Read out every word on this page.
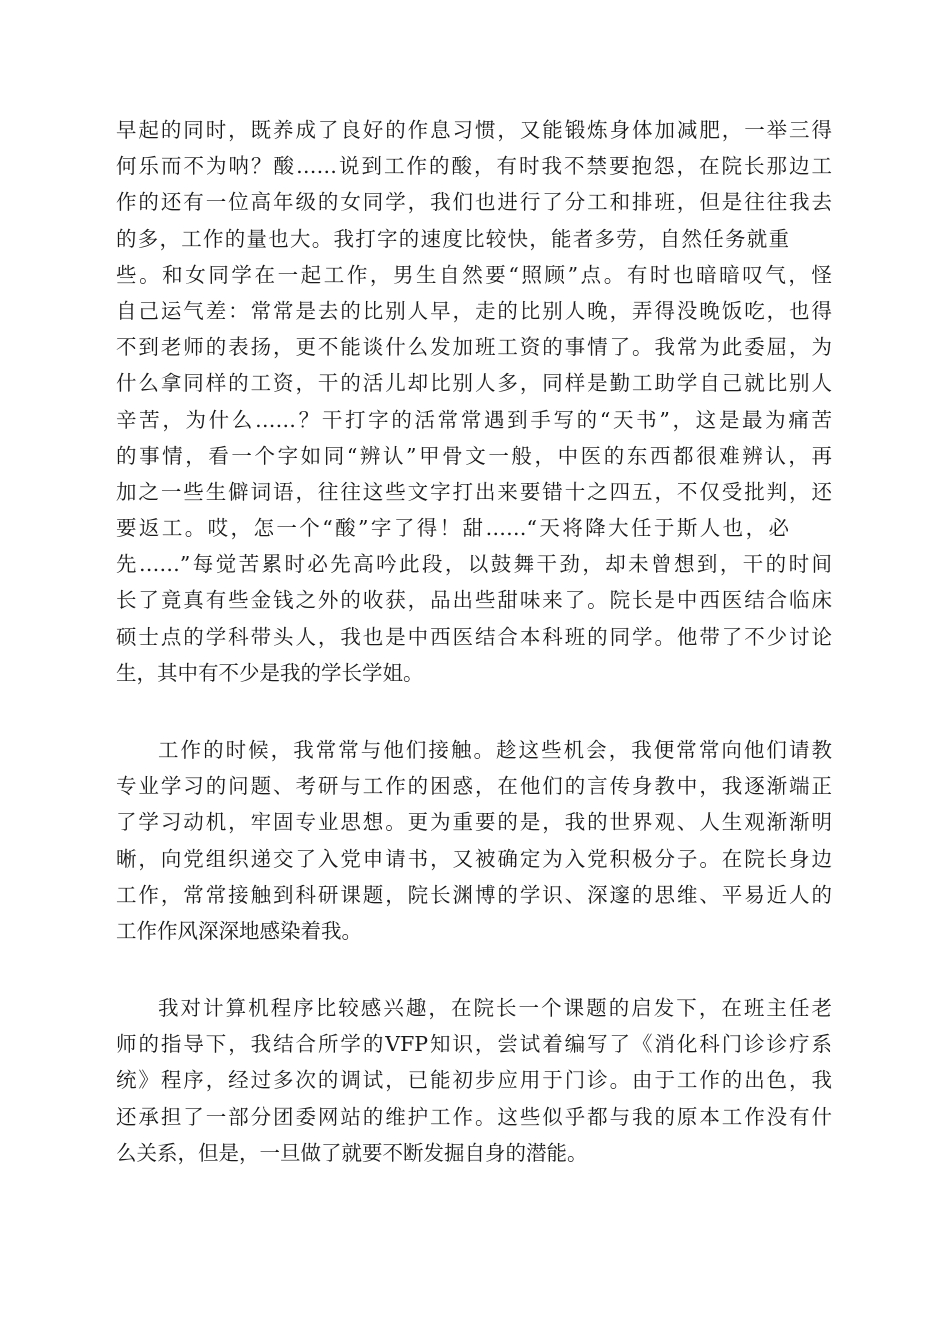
早起的同时，既养成了良好的作息习惯，又能锻炼身体加减肥，一举三得
何乐而不为呐？酸……说到工作的酸，有时我不禁要抱怨，在院长那边工
作的还有一位高年级的女同学，我们也进行了分工和排班，但是往往我去
的多，工作的量也大。我打字的速度比较快，能者多劳，自然任务就重
些。和女同学在一起工作，男生自然要“照顾”点。有时也暗暗叹气，怪
自己运气差：常常是去的比别人早，走的比别人晚，弄得没晚饭吃，也得
不到老师的表扬，更不能谈什么发加班工资的事情了。我常为此委屈，为
什么拿同样的工资，干的活儿却比别人多，同样是勤工助学自己就比别人
辛苦，为什么……？干打字的活常常遇到手写的“天书”，这是最为痛苦
的事情，看一个字如同“辨认”甲骨文一般，中医的东西都很难辨认，再
加之一些生僻词语，往往这些文字打出来要错十之四五，不仅受批判，还
要返工。哎，怎一个“酸”字了得！甜……“天将降大任于斯人也，必
先……”每觉苦累时必先高吟此段，以鼓舞干劲，却未曾想到，干的时间
长了竟真有些金钱之外的收获，品出些甜味来了。院长是中西医结合临床
硕士点的学科带头人，我也是中西医结合本科班的同学。他带了不少讨论
生，其中有不少是我的学长学姐。
工作的时候，我常常与他们接触。趁这些机会，我便常常向他们请教
专业学习的问题、考研与工作的困惑，在他们的言传身教中，我逐渐端正
了学习动机，牢固专业思想。更为重要的是，我的世界观、人生观渐渐明
晰，向党组织递交了入党申请书，又被确定为入党积极分子。在院长身边
工作，常常接触到科研课题，院长渊博的学识、深邃的思维、平易近人的
工作作风深深地感染着我。
我对计算机程序比较感兴趣，在院长一个课题的启发下，在班主任老
师的指导下，我结合所学的VFP知识，尝试着编写了《消化科门诊诊疗系
统》程序，经过多次的调试，已能初步应用于门诊。由于工作的出色，我
还承担了一部分团委网站的维护工作。这些似乎都与我的原本工作没有什
么关系，但是，一旦做了就要不断发掘自身的潜能。
